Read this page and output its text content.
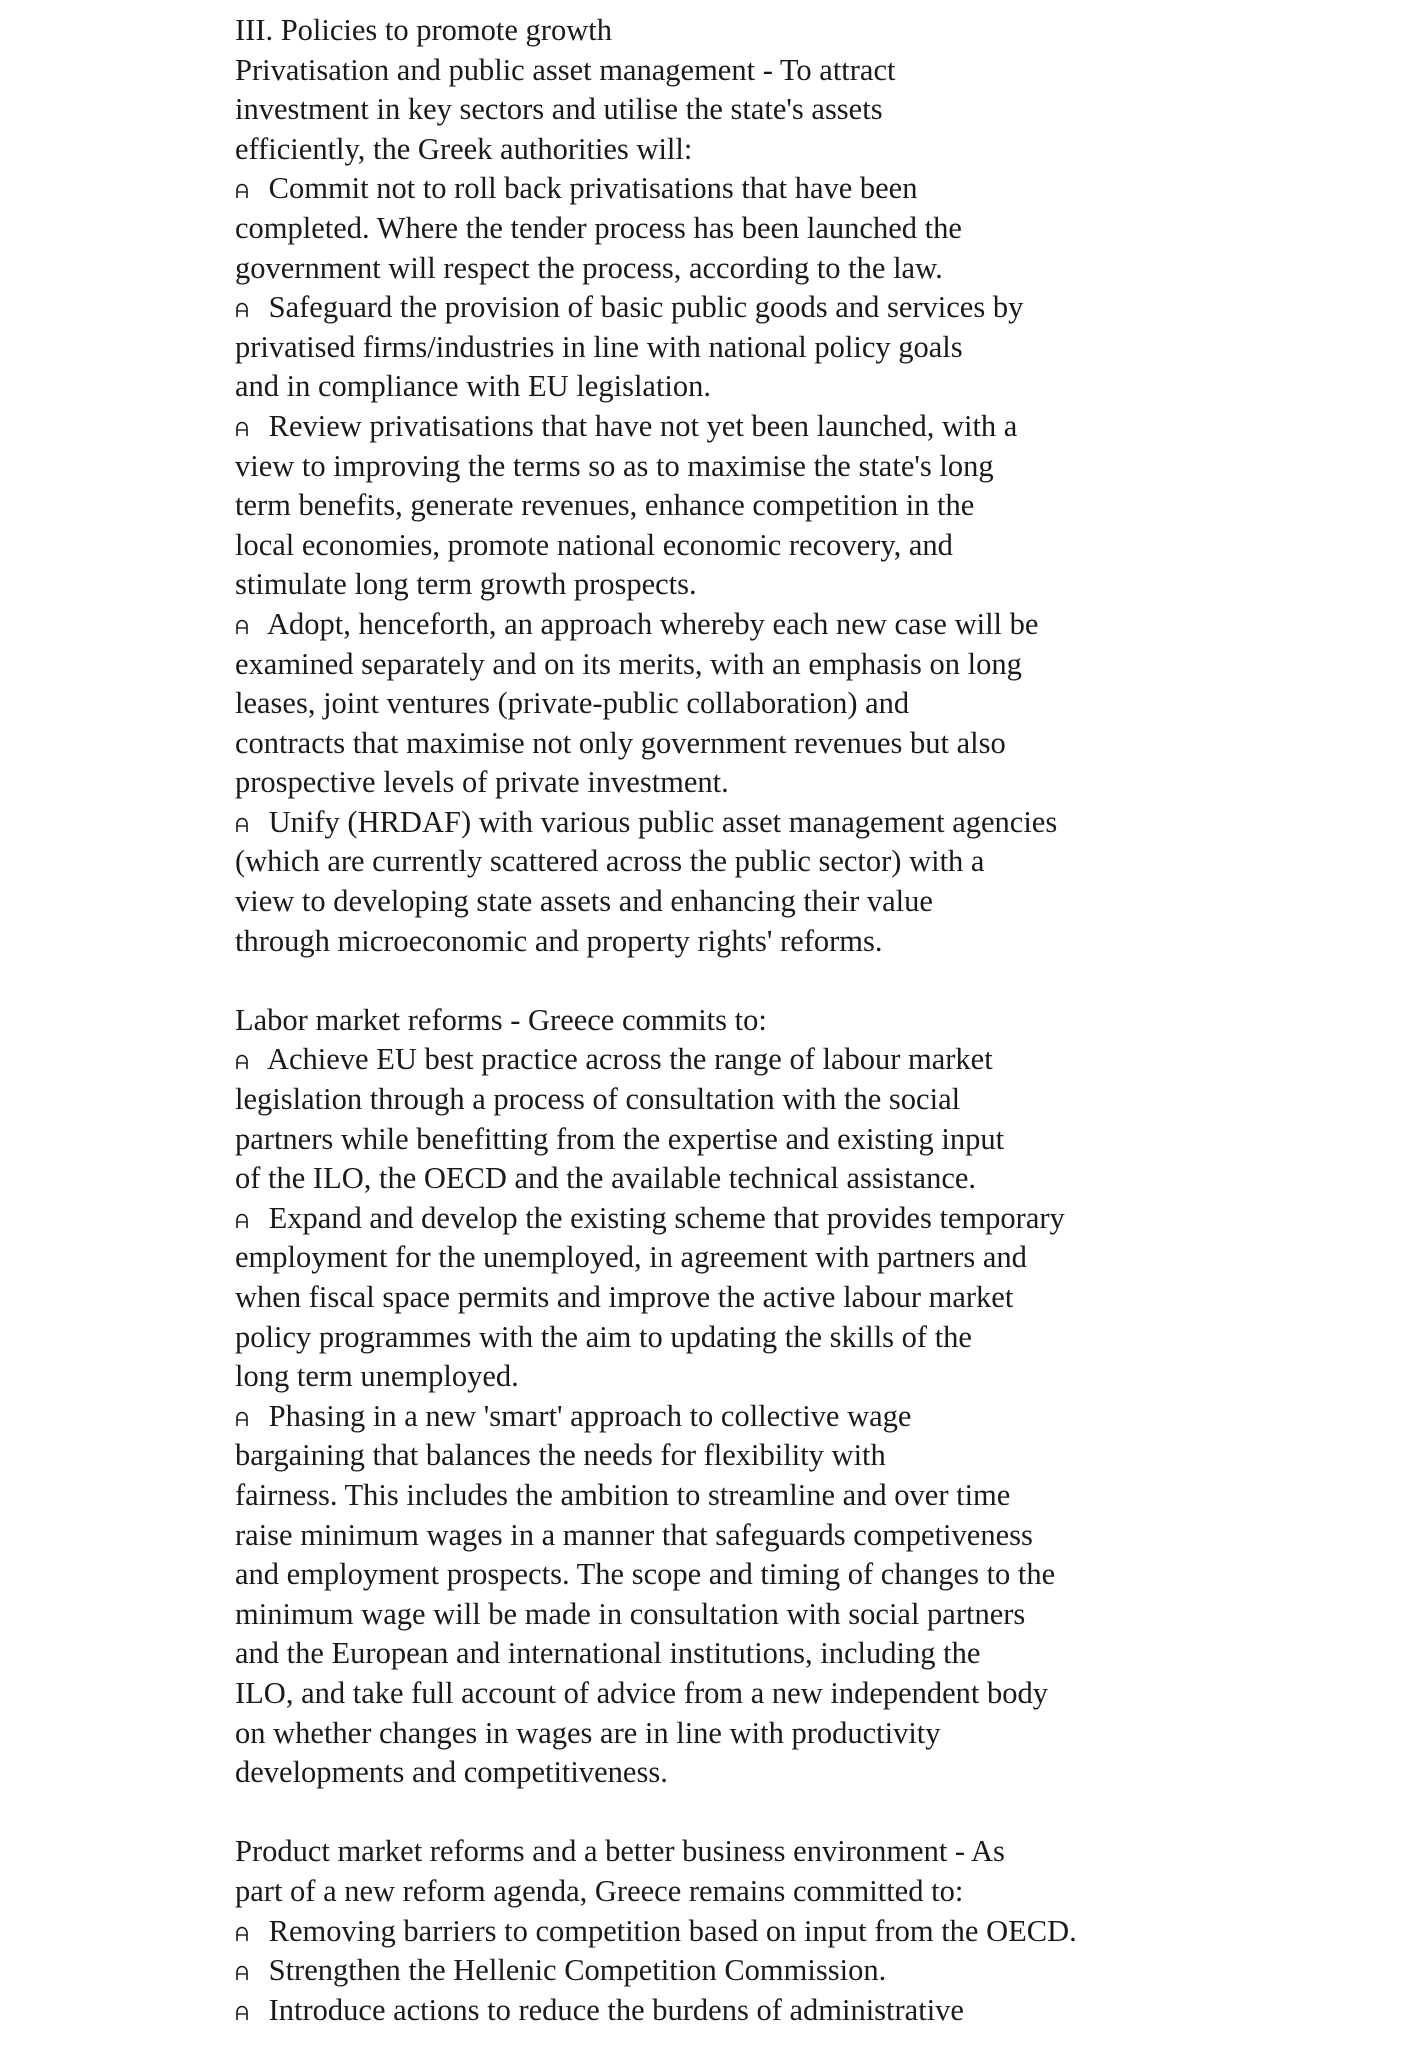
III. Policies to promote growth
Privatisation and public asset management - To attract
investment in key sectors and utilise the state's assets
efficiently, the Greek authorities will:
Commit not to roll back privatisations that have been
completed. Where the tender process has been launched the
government will respect the process, according to the law.
Safeguard the provision of basic public goods and services by
privatised firms/industries in line with national policy goals
and in compliance with EU legislation.
Review privatisations that have not yet been launched, with a
view to improving the terms so as to maximise the state's long
term benefits, generate revenues, enhance competition in the
local economies, promote national economic recovery, and
stimulate long term growth prospects.
Adopt, henceforth, an approach whereby each new case will be
examined separately and on its merits, with an emphasis on long
leases, joint ventures (private-public collaboration) and
contracts that maximise not only government revenues but also
prospective levels of private investment.
Unify (HRDAF) with various public asset management agencies
(which are currently scattered across the public sector) with a
view to developing state assets and enhancing their value
through microeconomic and property rights' reforms.
Labor market reforms - Greece commits to:
Achieve EU best practice across the range of labour market
legislation through a process of consultation with the social
partners while benefitting from the expertise and existing input
of the ILO, the OECD and the available technical assistance.
Expand and develop the existing scheme that provides temporary
employment for the unemployed, in agreement with partners and
when fiscal space permits and improve the active labour market
policy programmes with the aim to updating the skills of the
long term unemployed.
Phasing in a new 'smart' approach to collective wage
bargaining that balances the needs for flexibility with
fairness. This includes the ambition to streamline and over time
raise minimum wages in a manner that safeguards competiveness
and employment prospects. The scope and timing of changes to the
minimum wage will be made in consultation with social partners
and the European and international institutions, including the
ILO, and take full account of advice from a new independent body
on whether changes in wages are in line with productivity
developments and competitiveness.
Product market reforms and a better business environment - As
part of a new reform agenda, Greece remains committed to:
Removing barriers to competition based on input from the OECD.
Strengthen the Hellenic Competition Commission.
Introduce actions to reduce the burdens of administrative
